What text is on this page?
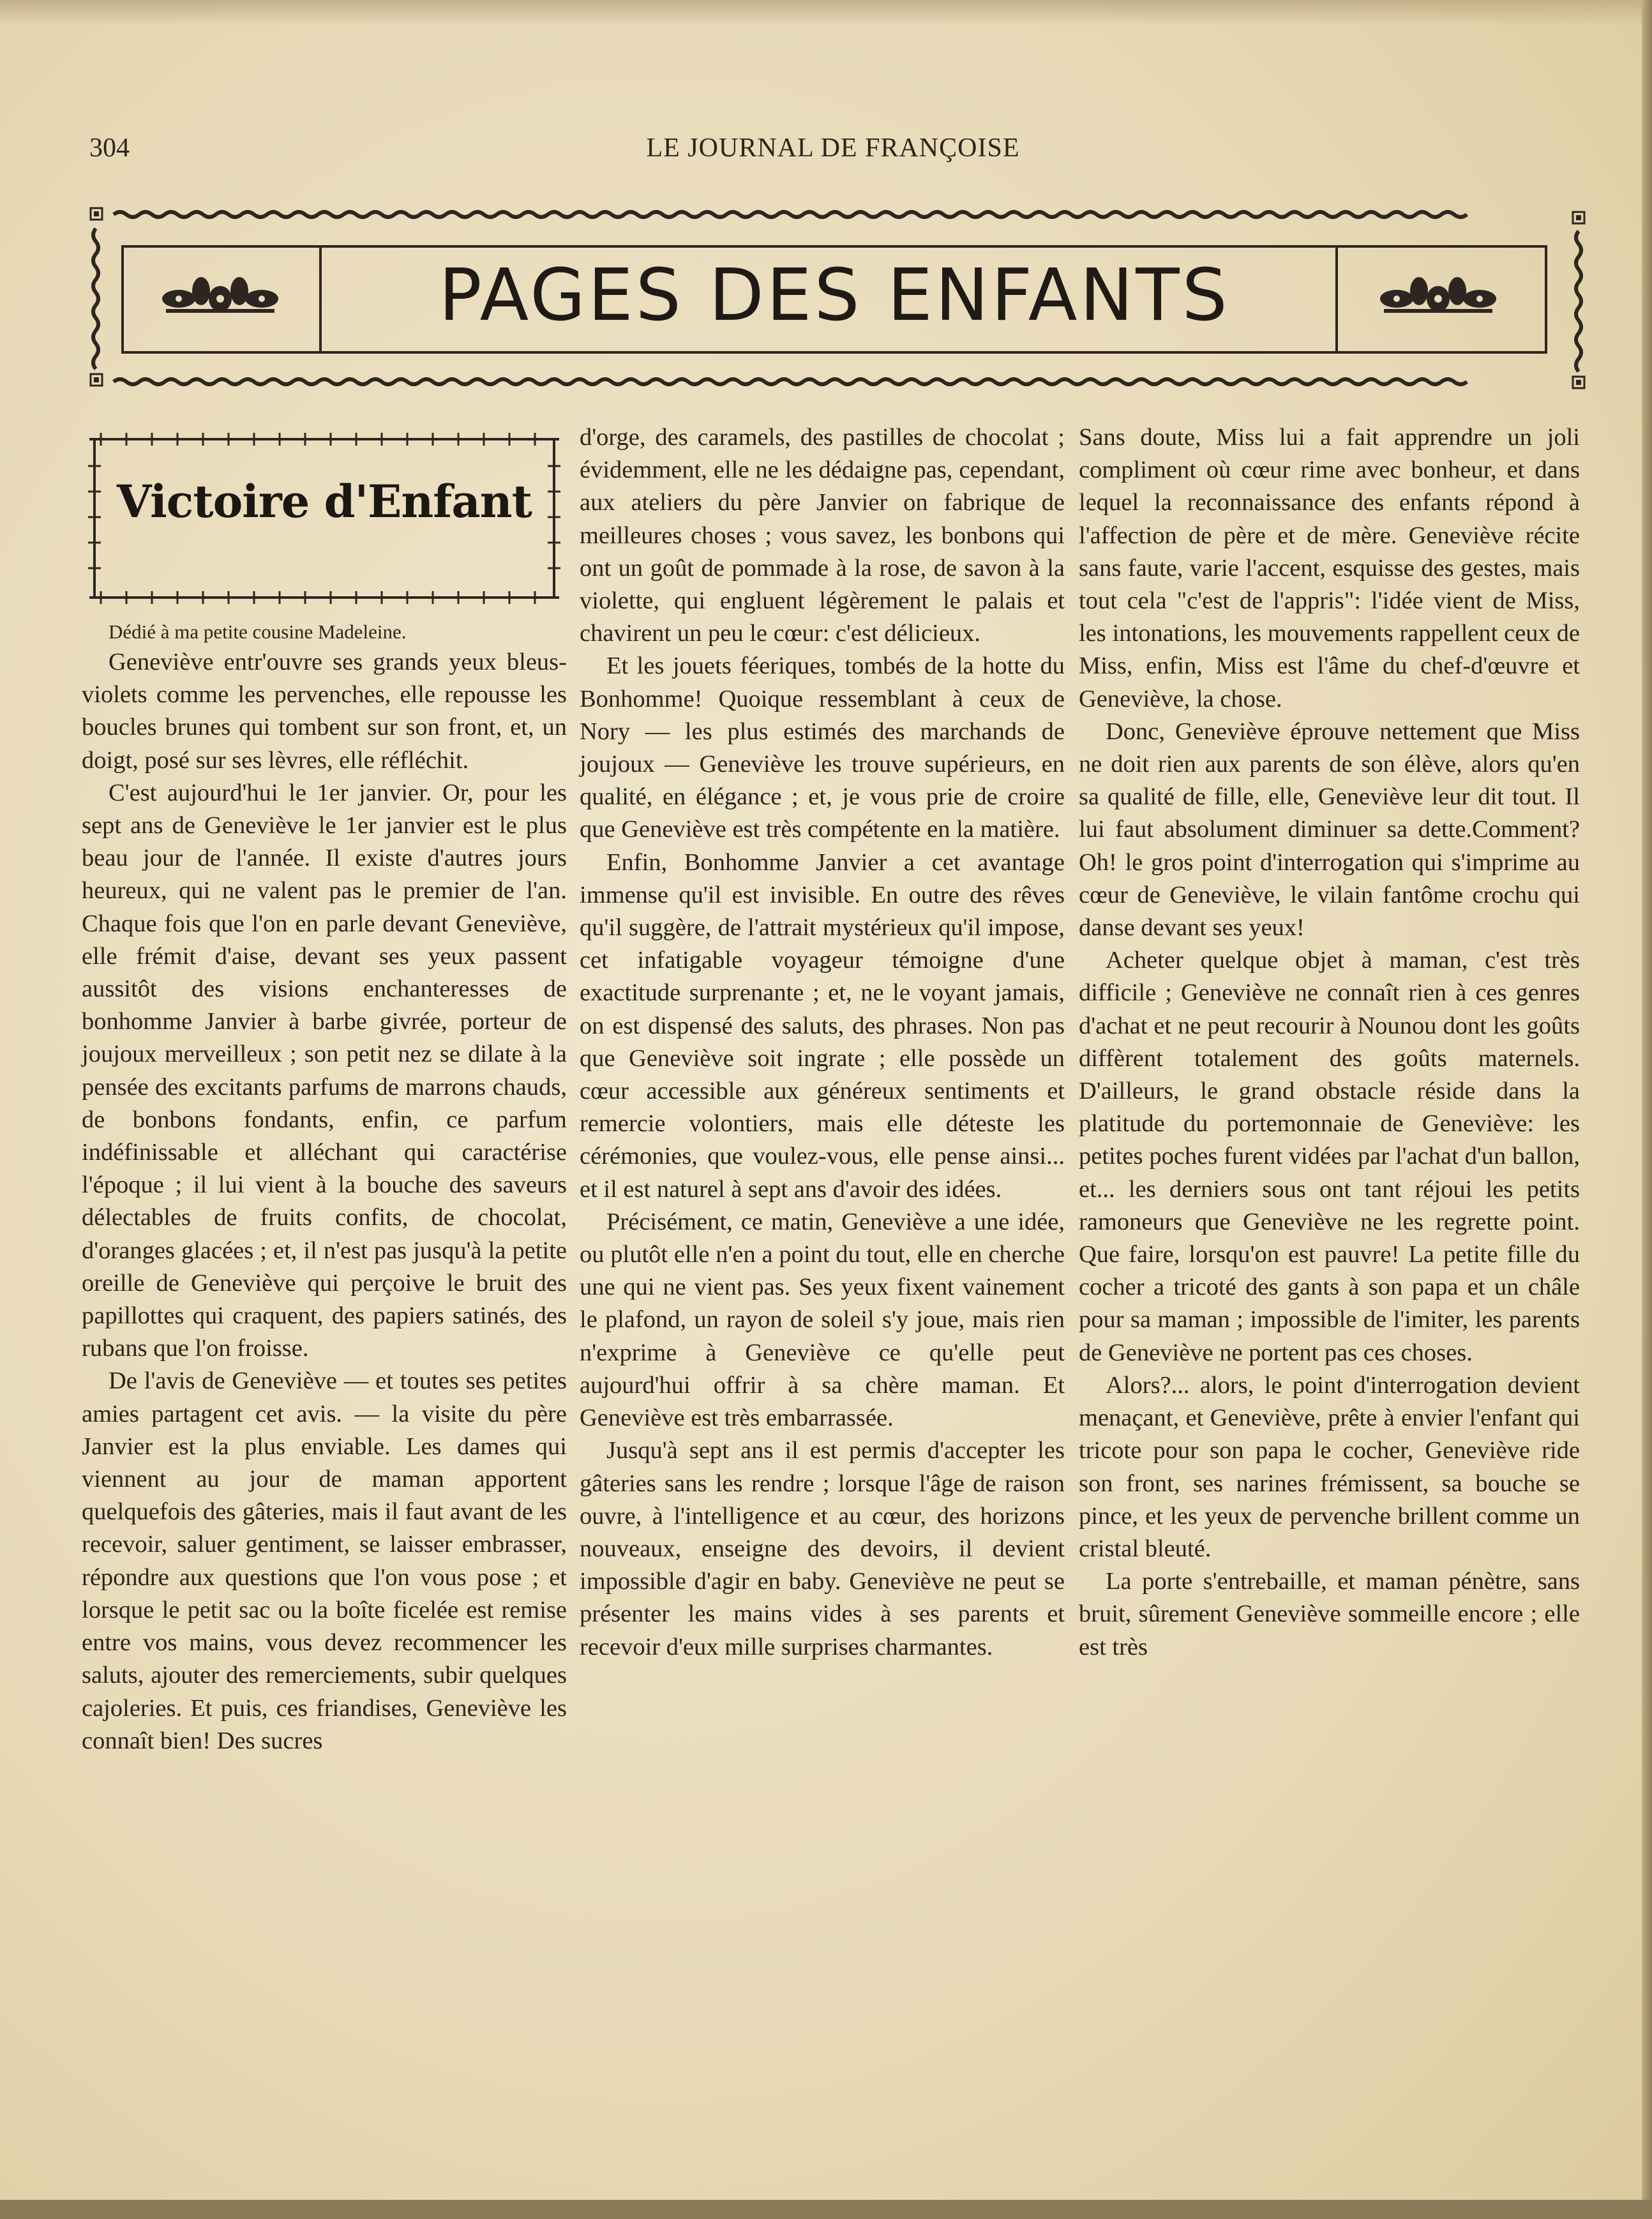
304	LE JOURNAL DE FRANÇOISE
PAGES DES ENFANTS
Victoire d'Enfant

Dédié à ma petite cousine Madeleine.

Geneviève entr'ouvre ses grands yeux bleus-violets comme les pervenches, elle repousse les boucles brunes qui tombent sur son front, et, un doigt, posé sur ses lèvres, elle réfléchit.

C'est aujourd'hui le 1er janvier. Or, pour les sept ans de Geneviève le 1er janvier est le plus beau jour de l'année. Il existe d'autres jours heureux, qui ne valent pas le premier de l'an. Chaque fois que l'on en parle devant Geneviève, elle frémit d'aise, devant ses yeux passent aussitôt des visions enchanteresses de bonhomme Janvier à barbe givrée, porteur de joujoux merveilleux ; son petit nez se dilate à la pensée des excitants parfums de marrons chauds, de bonbons fondants, enfin, ce parfum indéfinissable et alléchant qui caractérise l'époque ; il lui vient à la bouche des saveurs délectables de fruits confits, de chocolat, d'oranges glacées ; et, il n'est pas jusqu'à la petite oreille de Geneviève qui perçoive le bruit des papillottes qui craquent, des papiers satinés, des rubans que l'on froisse.

De l'avis de Geneviève — et toutes ses petites amies partagent cet avis. — la visite du père Janvier est la plus enviable. Les dames qui viennent au jour de maman apportent quelquefois des gâteries, mais il faut avant de les recevoir, saluer gentiment, se laisser embrasser, répondre aux questions que l'on vous pose ; et lorsque le petit sac ou la boîte ficelée est remise entre vos mains, vous devez recommencer les saluts, ajouter des remerciements, subir quelques cajoleries. Et puis, ces friandises, Geneviève les connaît bien! Des sucres

d'orge, des caramels, des pastilles de chocolat ; évidemment, elle ne les dédaigne pas, cependant, aux ateliers du père Janvier on fabrique de meilleures choses ; vous savez, les bonbons qui ont un goût de pommade à la rose, de savon à la violette, qui engluent légèrement le palais et chavirent un peu le cœur: c'est délicieux.

Et les jouets féeriques, tombés de la hotte du Bonhomme! Quoique ressemblant à ceux de Nory — les plus estimés des marchands de joujoux — Geneviève les trouve supérieurs, en qualité, en élégance ; et, je vous prie de croire que Geneviève est très compétente en la matière.

Enfin, Bonhomme Janvier a cet avantage immense qu'il est invisible. En outre des rêves qu'il suggère, de l'attrait mystérieux qu'il impose, cet infatigable voyageur témoigne d'une exactitude surprenante ; et, ne le voyant jamais, on est dispensé des saluts, des phrases. Non pas que Geneviève soit ingrate ; elle possède un cœur accessible aux généreux sentiments et remercie volontiers, mais elle déteste les cérémonies, que voulez-vous, elle pense ainsi... et il est naturel à sept ans d'avoir des idées.

Précisément, ce matin, Geneviève a une idée, ou plutôt elle n'en a point du tout, elle en cherche une qui ne vient pas. Ses yeux fixent vainement le plafond, un rayon de soleil s'y joue, mais rien n'exprime à Geneviève ce qu'elle peut aujourd'hui offrir à sa chère maman. Et Geneviève est très embarrassée.

Jusqu'à sept ans il est permis d'accepter les gâteries sans les rendre ; lorsque l'âge de raison ouvre, à l'intelligence et au cœur, des horizons nouveaux, enseigne des devoirs, il devient impossible d'agir en baby. Geneviève ne peut se présenter les mains vides à ses parents et recevoir d'eux mille surprises charmantes.

Sans doute, Miss lui a fait apprendre un joli compliment où cœur rime avec bonheur, et dans lequel la reconnaissance des enfants répond à l'affection de père et de mère. Geneviève récite sans faute, varie l'accent, esquisse des gestes, mais tout cela "c'est de l'appris": l'idée vient de Miss, les intonations, les mouvements rappellent ceux de Miss, enfin, Miss est l'âme du chef-d'œuvre et Geneviève, la chose.

Donc, Geneviève éprouve nettement que Miss ne doit rien aux parents de son élève, alors qu'en sa qualité de fille, elle, Geneviève leur dit tout. Il lui faut absolument diminuer sa dette.Comment? Oh! le gros point d'interrogation qui s'imprime au cœur de Geneviève, le vilain fantôme crochu qui danse devant ses yeux!

Acheter quelque objet à maman, c'est très difficile ; Geneviève ne connaît rien à ces genres d'achat et ne peut recourir à Nounou dont les goûts diffèrent totalement des goûts maternels. D'ailleurs, le grand obstacle réside dans la platitude du portemonnaie de Geneviève: les petites poches furent vidées par l'achat d'un ballon, et... les derniers sous ont tant réjoui les petits ramoneurs que Geneviève ne les regrette point. Que faire, lorsqu'on est pauvre! La petite fille du cocher a tricoté des gants à son papa et un châle pour sa maman ; impossible de l'imiter, les parents de Geneviève ne portent pas ces choses.

Alors?... alors, le point d'interrogation devient menaçant, et Geneviève, prête à envier l'enfant qui tricote pour son papa le cocher, Geneviève ride son front, ses narines frémissent, sa bouche se pince, et les yeux de pervenche brillent comme un cristal bleuté.

La porte s'entrebaille, et maman pénètre, sans bruit, sûrement Geneviève sommeille encore ; elle est très
